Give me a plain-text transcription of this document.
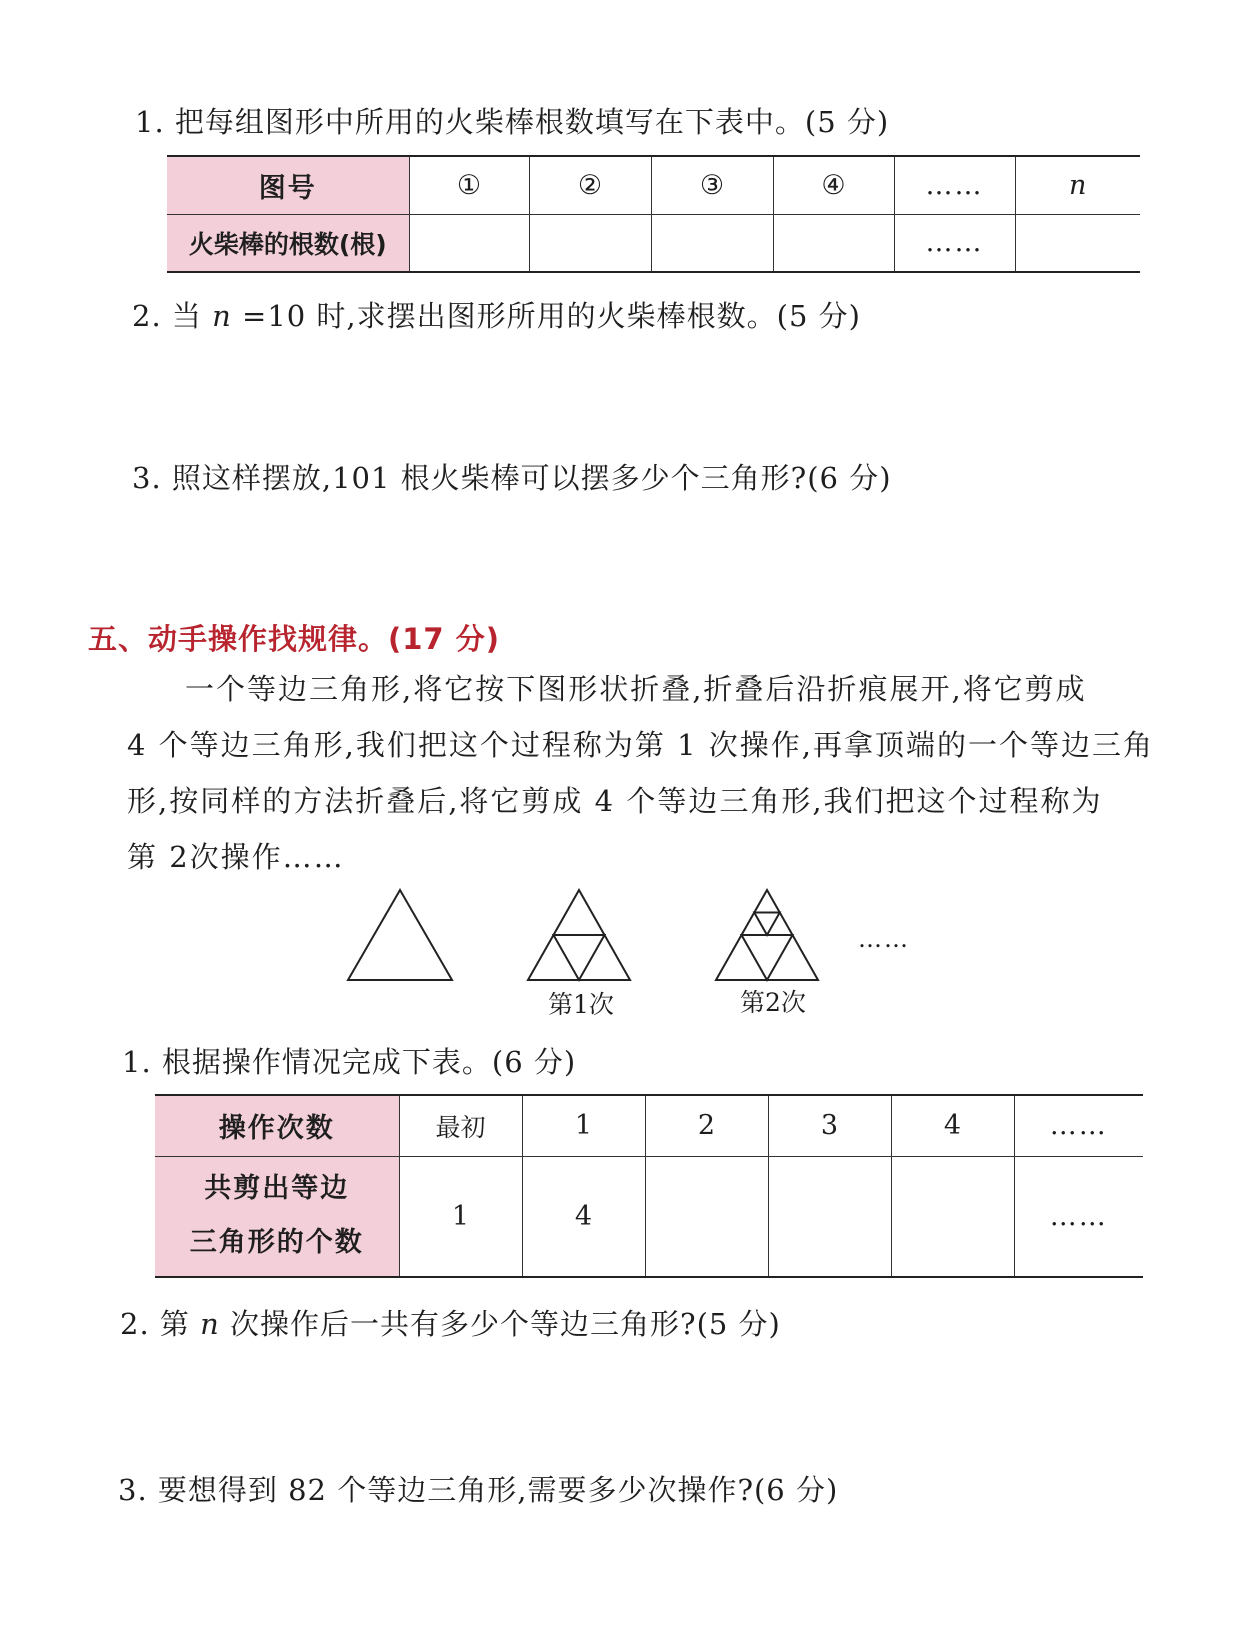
1. 把每组图形中所用的火柴棒根数填写在下表中。(5 分)
图号	①	②	③	④	……	n
火柴棒的根数(根)					……	
2. 当 n =10 时,求摆出图形所用的火柴棒根数。(5 分)
3. 照这样摆放,101 根火柴棒可以摆多少个三角形?(6 分)
五、动手操作找规律。(17 分)
一个等边三角形,将它按下图形状折叠,折叠后沿折痕展开,将它剪成
4 个等边三角形,我们把这个过程称为第 1 次操作,再拿顶端的一个等边三角
形,按同样的方法折叠后,将它剪成 4 个等边三角形,我们把这个过程称为
第 2次操作……
第1次	第2次
……
1. 根据操作情况完成下表。(6 分)
操作次数	最初	1	2	3	4	……

共剪出等边
三角形的个数	1	4				……
2. 第 n 次操作后一共有多少个等边三角形?(5 分)
3. 要想得到 82 个等边三角形,需要多少次操作?(6 分)
